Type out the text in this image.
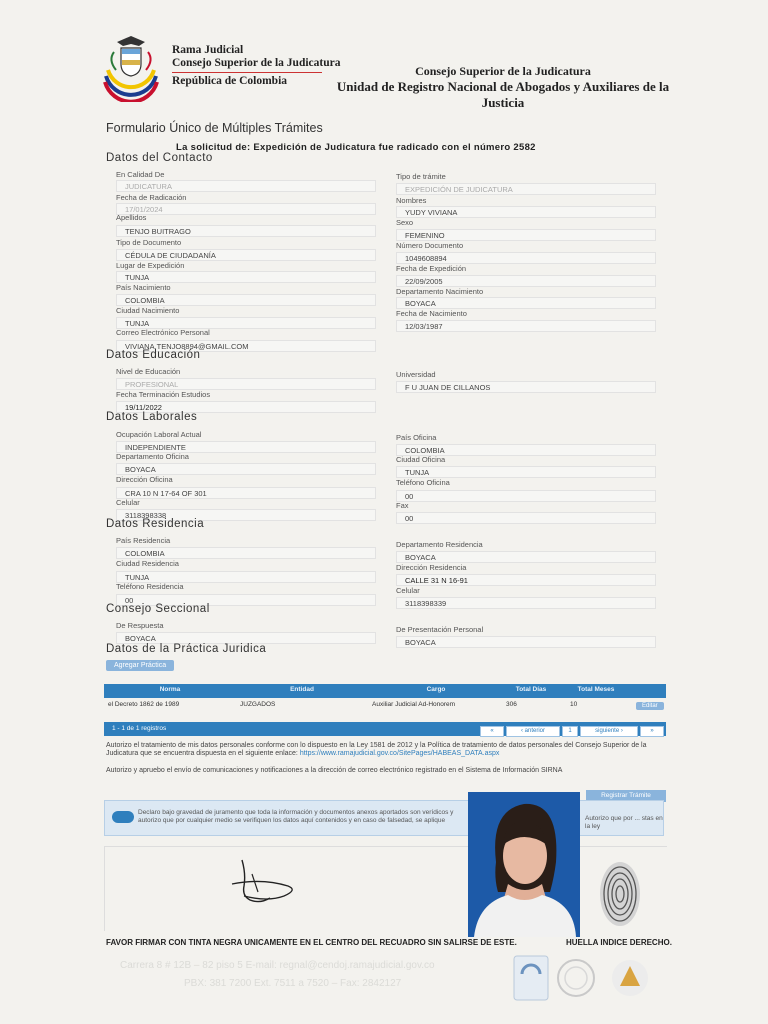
Rama Judicial
Consejo Superior de la Judicatura
República de Colombia
Consejo Superior de la Judicatura
Unidad de Registro Nacional de Abogados y Auxiliares de la Justicia
Formulario Único de Múltiples Trámites
La solicitud de: Expedición de Judicatura fue radicado con el número 2582
Datos del Contacto
En Calidad De
JUDICATURA
Tipo de trámite
EXPEDICIÓN DE JUDICATURA
Fecha de Radicación
17/01/2024
Nombres
YUDY VIVIANA
Apellidos
TENJO BUITRAGO
Sexo
FEMENINO
Tipo de Documento
CÉDULA DE CIUDADANÍA
Número Documento
1049608894
Lugar de Expedición
TUNJA
Fecha de Expedición
22/09/2005
País Nacimiento
COLOMBIA
Departamento Nacimiento
BOYACA
Ciudad Nacimiento
TUNJA
Fecha de Nacimiento
12/03/1987
Correo Electrónico Personal
VIVIANA.TENJO8894@GMAIL.COM
Datos Educación
Nivel de Educación
PROFESIONAL
Universidad
F U JUAN DE CILLANOS
Fecha Terminación Estudios
19/11/2022
Datos Laborales
Ocupación Laboral Actual
INDEPENDIENTE
País Oficina
COLOMBIA
Departamento Oficina
BOYACA
Ciudad Oficina
TUNJA
Dirección Oficina
CRA 10 N 17-64 OF 301
Teléfono Oficina
00
Celular
3118398338
Fax
00
Datos Residencia
País Residencia
COLOMBIA
Departamento Residencia
BOYACA
Ciudad Residencia
TUNJA
Dirección Residencia
CALLE 31 N 16-91
Teléfono Residencia
00
Celular
3118398339
Consejo Seccional
De Respuesta
BOYACA
De Presentación Personal
BOYACA
Datos de la Práctica Juridica
Agregar Práctica
Norma	Entidad	Cargo	Total Días	Total Meses
el Decreto 1862 de 1989	JUZGADOS	Auxiliar Judicial Ad-Honorem	306	10	Editar
1 - 1 de 1 registros	«	‹ anterior	1	siguiente ›	»
Autorizo el tratamiento de mis datos personales conforme con lo dispuesto en la Ley 1581 de 2012 y la Política de tratamiento de datos personales del Consejo Superior de la Judicatura que se encuentra dispuesta en el siguiente enlace: https://www.ramajudicial.gov.co/SitePages/HABEAS_DATA.aspx
Autorizo y apruebo el envío de comunicaciones y notificaciones a la dirección de correo electrónico registrado en el Sistema de Información SIRNA
Registrar Trámite
Declaro bajo gravedad de juramento que toda la información y documentos anexos aportados son verídicos y autorizo que por cualquier medio se verifiquen los datos aquí contenidos y en caso de falsedad, se aplique	Autorizo que por ... stas en la ley
FAVOR FIRMAR CON TINTA NEGRA UNICAMENTE EN EL CENTRO DEL RECUADRO SIN SALIRSE DE ESTE.	HUELLA INDICE DERECHO.
Carrera 8 # 12B – 82 piso 5 E-mail: regnal@cendoj.ramajudicial.gov.co
PBX: 381 7200 Ext. 7511 a 7520 – Fax: 2842127
